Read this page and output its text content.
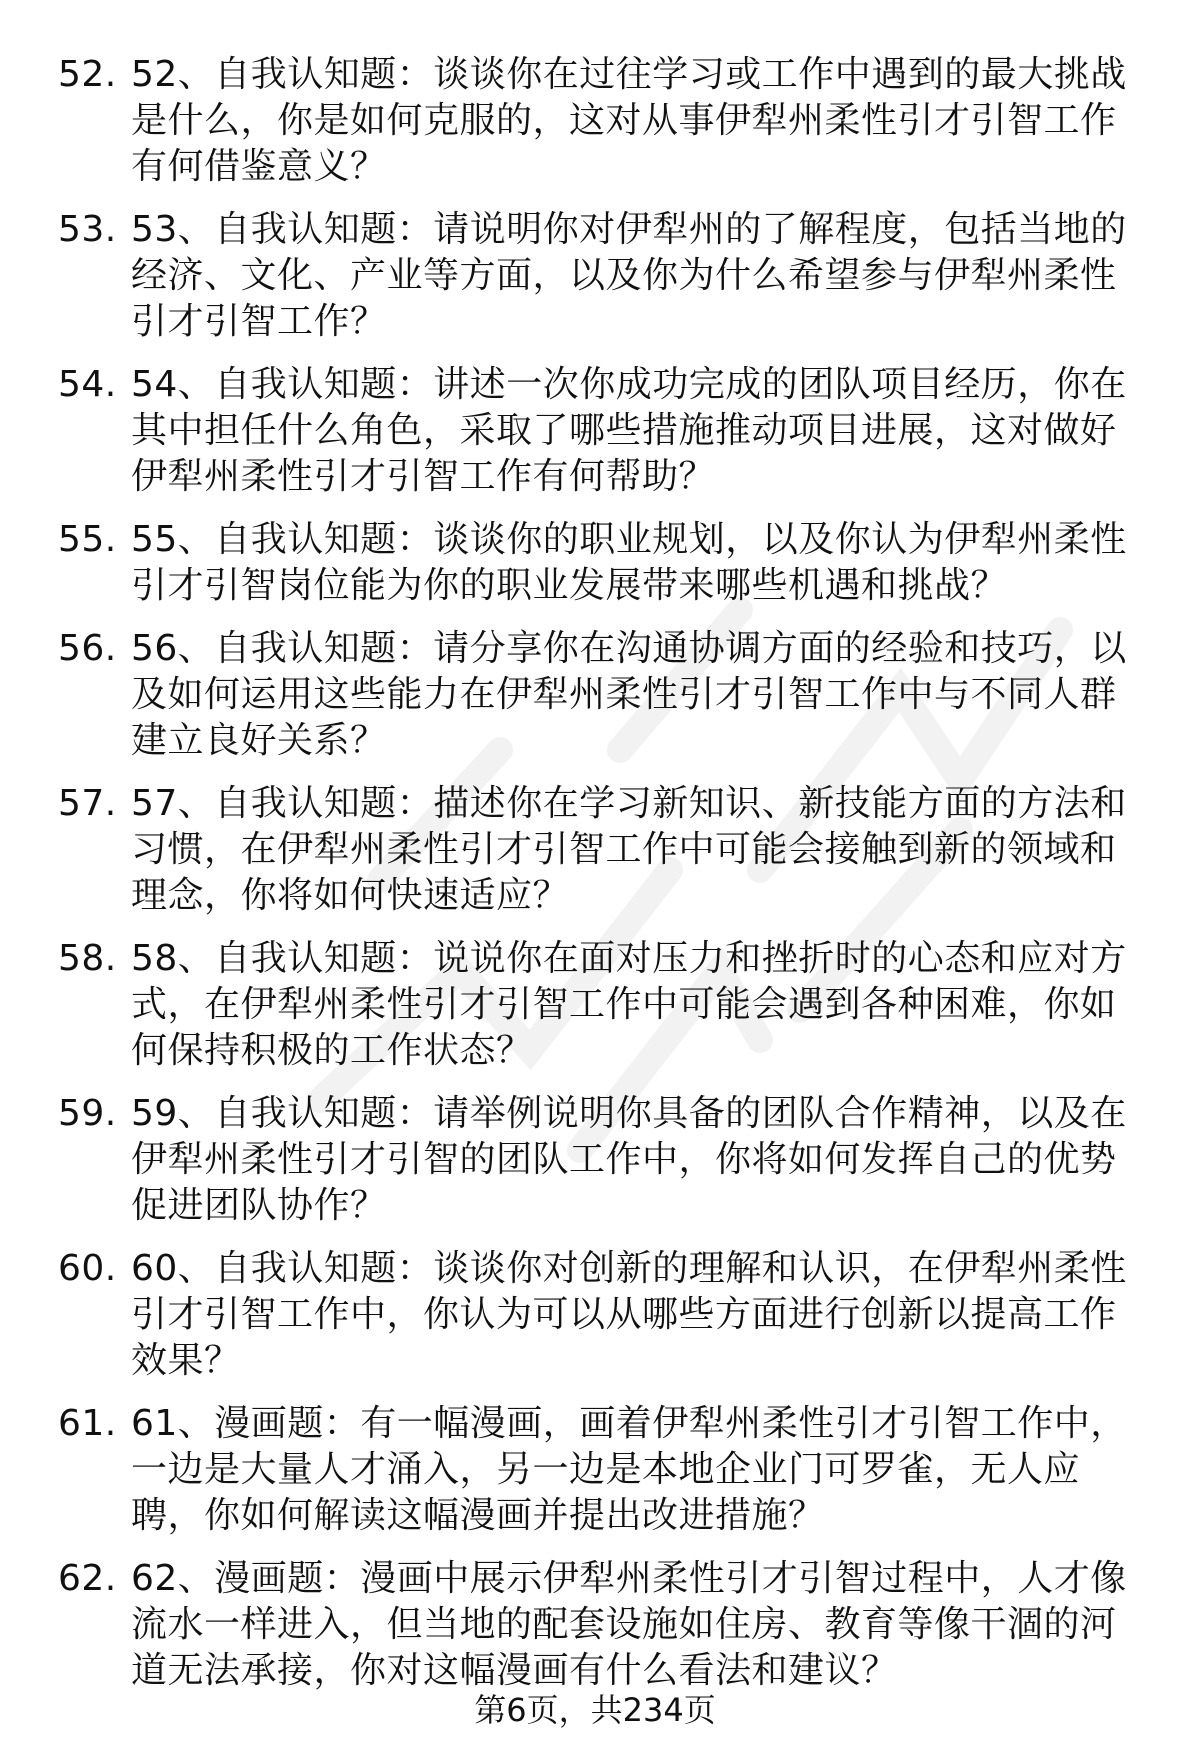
52. 52、自我认知题：谈谈你在过往学习或工作中遇到的最大挑战是什么，你是如何克服的，这对从事伊犁州柔性引才引智工作有何借鉴意义？
53. 53、自我认知题：请说明你对伊犁州的了解程度，包括当地的经济、文化、产业等方面，以及你为什么希望参与伊犁州柔性引才引智工作？
54. 54、自我认知题：讲述一次你成功完成的团队项目经历，你在其中担任什么角色，采取了哪些措施推动项目进展，这对做好伊犁州柔性引才引智工作有何帮助？
55. 55、自我认知题：谈谈你的职业规划，以及你认为伊犁州柔性引才引智岗位能为你的职业发展带来哪些机遇和挑战？
56. 56、自我认知题：请分享你在沟通协调方面的经验和技巧，以及如何运用这些能力在伊犁州柔性引才引智工作中与不同人群建立良好关系？
57. 57、自我认知题：描述你在学习新知识、新技能方面的方法和习惯，在伊犁州柔性引才引智工作中可能会接触到新的领域和理念，你将如何快速适应？
58. 58、自我认知题：说说你在面对压力和挫折时的心态和应对方式，在伊犁州柔性引才引智工作中可能会遇到各种困难，你如何保持积极的工作状态？
59. 59、自我认知题：请举例说明你具备的团队合作精神，以及在伊犁州柔性引才引智的团队工作中，你将如何发挥自己的优势促进团队协作？
60. 60、自我认知题：谈谈你对创新的理解和认识，在伊犁州柔性引才引智工作中，你认为可以从哪些方面进行创新以提高工作效果？
61. 61、漫画题：有一幅漫画，画着伊犁州柔性引才引智工作中，一边是大量人才涌入，另一边是本地企业门可罗雀，无人应聘，你如何解读这幅漫画并提出改进措施？
62. 62、漫画题：漫画中展示伊犁州柔性引才引智过程中，人才像流水一样进入，但当地的配套设施如住房、教育等像干涸的河道无法承接，你对这幅漫画有什么看法和建议？
第6页，共234页
